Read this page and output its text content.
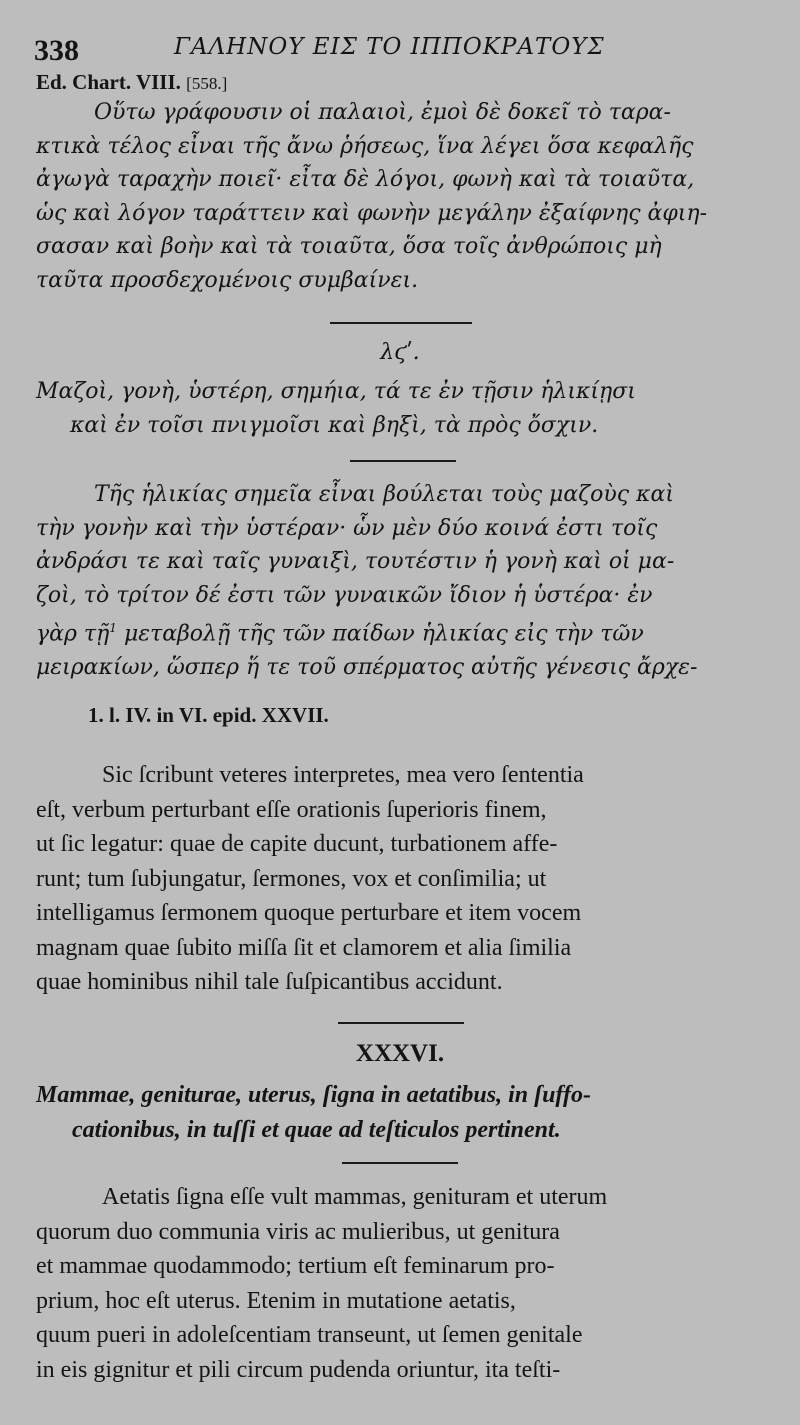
338	ΓΑΛΗΝΟΥ ΕΙΣ ΤΟ ΙΠΠΟΚΡΑΤΟΥΣ
Ed. Chart. VIII. [558.]
Οὕτω γράφουσιν οἱ παλαιοὶ, ἐμοὶ δὲ δοκεῖ τὸ ταρα-
κτικὰ τέλος εἶναι τῆς ἄνω ῥήσεως, ἵνα λέγει ὅσα κεφαλῆς
ἀγωγὰ ταραχὴν ποιεῖ· εἶτα δὲ λόγοι, φωνὴ καὶ τὰ τοιαῦτα,
ὡς καὶ λόγον ταράττειν καὶ φωνὴν μεγάλην ἐξαίφνης ἀφιη-
σασαν καὶ βοὴν καὶ τὰ τοιαῦτα, ὅσα τοῖς ἀνθρώποις μὴ
ταῦτα προσδεχομένοις συμβαίνει.
λϛʹ.
Μαζοὶ, γονὴ, ὑστέρη, σημήια, τά τε ἐν τῇσιν ἡλικίῃσι
καὶ ἐν τοῖσι πνιγμοῖσι καὶ βηξὶ, τὰ πρὸς ὄσχιν.
Τῆς ἡλικίας σημεῖα εἶναι βούλεται τοὺς μαζοὺς καὶ
τὴν γονὴν καὶ τὴν ὑστέραν· ὧν μὲν δύο κοινά ἐστι τοῖς
ἀνδράσι τε καὶ ταῖς γυναιξὶ, τουτέστιν ἡ γονὴ καὶ οἱ μα-
ζοὶ, τὸ τρίτον δέ ἐστι τῶν γυναικῶν ἴδιον ἡ ὑστέρα· ἐν
γὰρ τῇ$^1$ μεταβολῇ τῆς τῶν παίδων ἡλικίας εἰς τὴν τῶν
μειρακίων, ὥσπερ ἥ τε τοῦ σπέρματος αὐτῆς γένεσις ἄρχε-
1. l. IV. in VI. epid. XXVII.
Sic ſcribunt veteres interpretes, mea vero ſententia
eſt, verbum perturbant eſſe orationis ſuperioris finem,
ut ſic legatur: quae de capite ducunt, turbationem affe-
runt; tum ſubjungatur, ſermones, vox et conſimilia; ut
intelligamus ſermonem quoque perturbare et item vocem
magnam quae ſubito miſſa ſit et clamorem et alia ſimilia
quae hominibus nihil tale ſuſpicantibus accidunt.
XXXVI.
Mammae, geniturae, uterus, ſigna in aetatibus, in ſuffo-
cationibus, in tuſſi et quae ad teſticulos pertinent.
Aetatis ſigna eſſe vult mammas, genituram et uterum
quorum duo communia viris ac mulieribus, ut genitura
et mammae quodammodo; tertium eſt feminarum pro-
prium, hoc eſt uterus. Etenim in mutatione aetatis,
quum pueri in adoleſcentiam transeunt, ut ſemen genitale
in eis gignitur et pili circum pudenda oriuntur, ita teſti-
